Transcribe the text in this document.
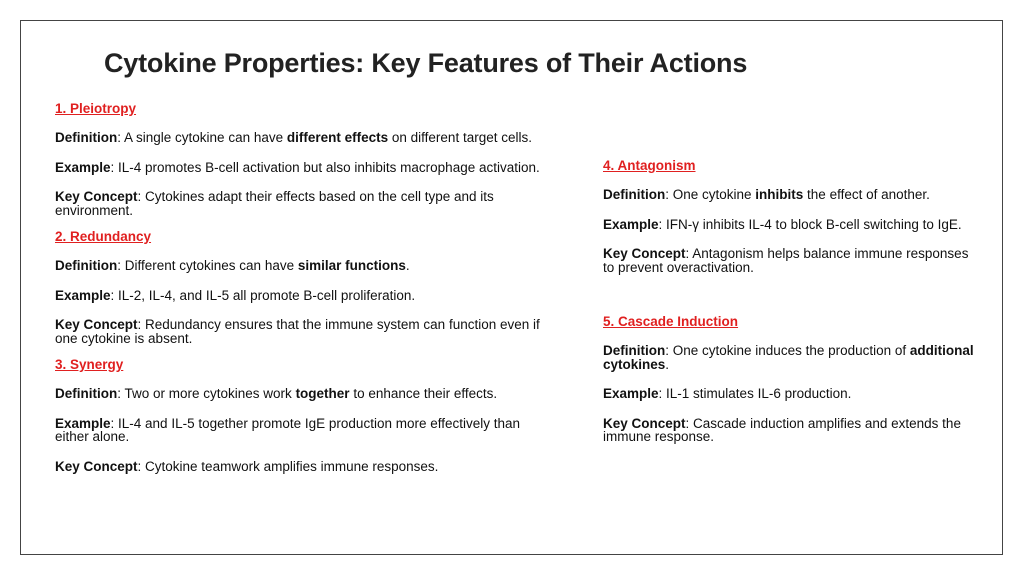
Cytokine Properties: Key Features of Their Actions

1. Pleiotropy

Definition: A single cytokine can have different effects on different target cells.

Example: IL-4 promotes B-cell activation but also inhibits macrophage activation.

Key Concept: Cytokines adapt their effects based on the cell type and its environment.

2. Redundancy

Definition: Different cytokines can have similar functions.

Example: IL-2, IL-4, and IL-5 all promote B-cell proliferation.

Key Concept: Redundancy ensures that the immune system can function even if one cytokine is absent.

3. Synergy

Definition: Two or more cytokines work together to enhance their effects.

Example: IL-4 and IL-5 together promote IgE production more effectively than either alone.

Key Concept: Cytokine teamwork amplifies immune responses.

4. Antagonism

Definition: One cytokine inhibits the effect of another.

Example: IFN-γ inhibits IL-4 to block B-cell switching to IgE.

Key Concept: Antagonism helps balance immune responses to prevent overactivation.

5. Cascade Induction

Definition: One cytokine induces the production of additional cytokines.

Example: IL-1 stimulates IL-6 production.

Key Concept: Cascade induction amplifies and extends the immune response.
